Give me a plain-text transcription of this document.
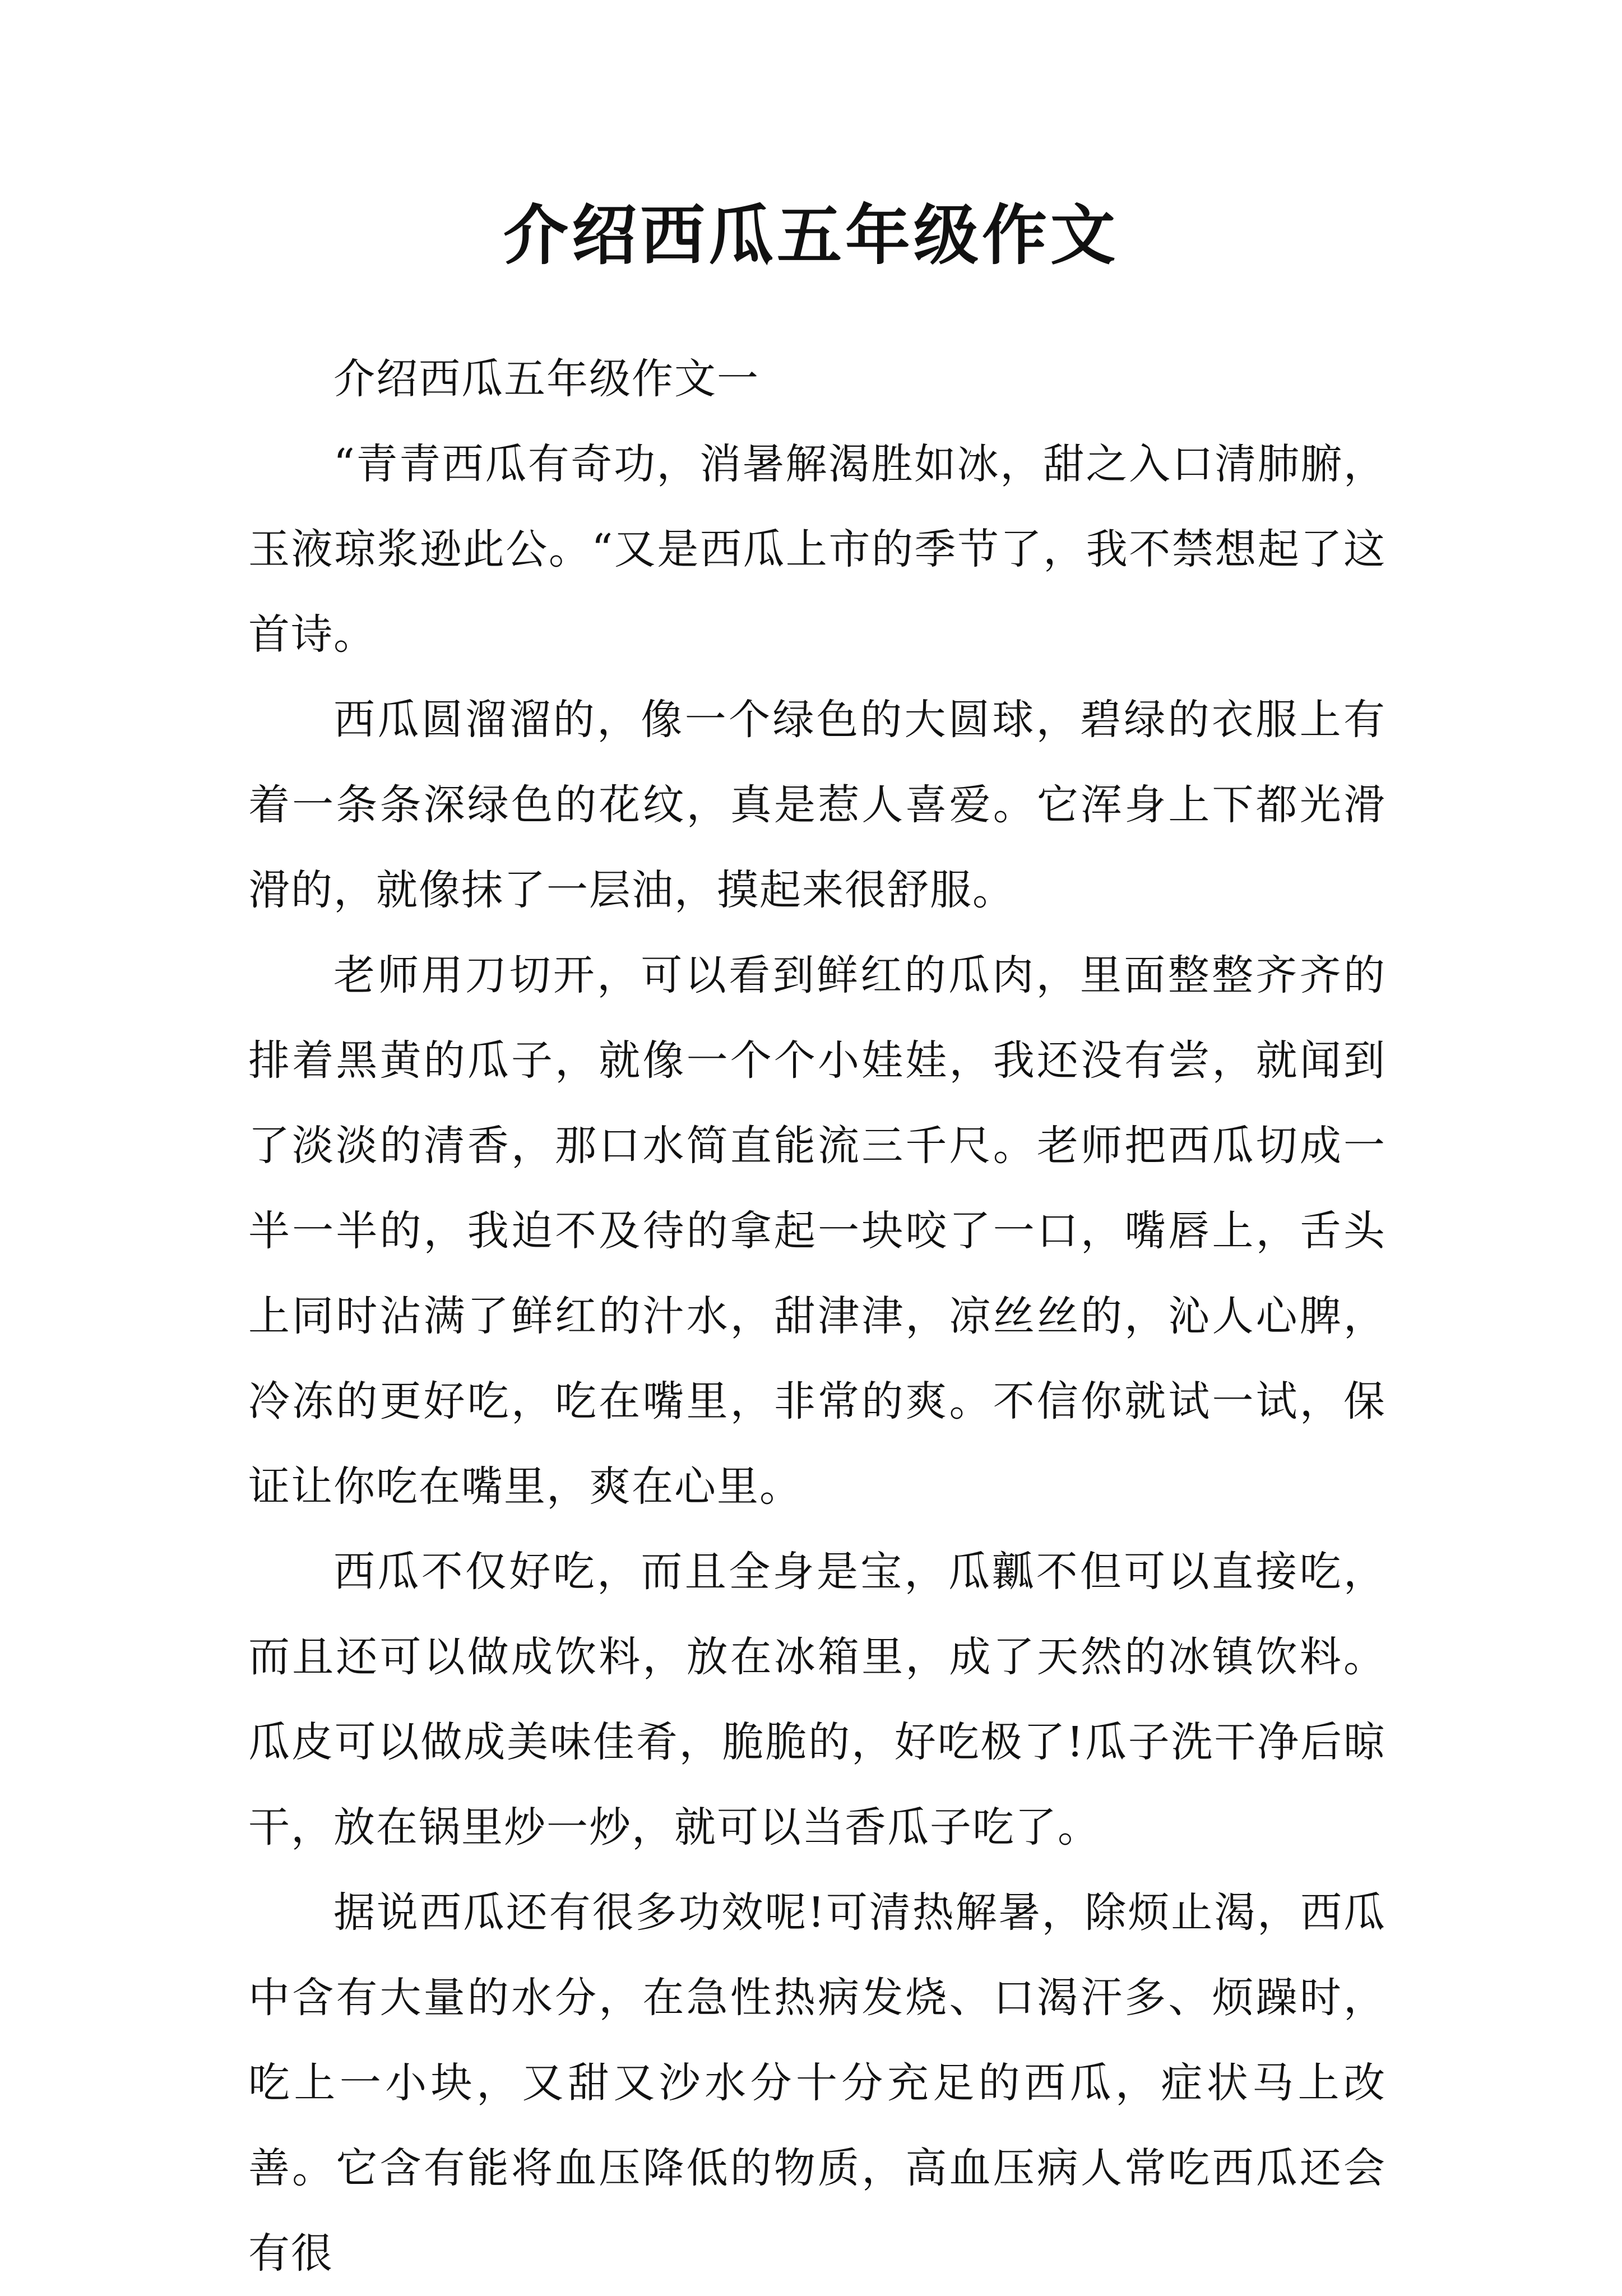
介绍西瓜五年级作文

介绍西瓜五年级作文一

“青青西瓜有奇功，消暑解渴胜如冰，甜之入口清肺腑，玉液琼浆逊此公。“又是西瓜上市的季节了，我不禁想起了这首诗。

西瓜圆溜溜的，像一个绿色的大圆球，碧绿的衣服上有着一条条深绿色的花纹，真是惹人喜爱。它浑身上下都光滑滑的，就像抹了一层油，摸起来很舒服。

老师用刀切开，可以看到鲜红的瓜肉，里面整整齐齐的排着黑黄的瓜子，就像一个个小娃娃，我还没有尝，就闻到了淡淡的清香，那口水简直能流三千尺。老师把西瓜切成一半一半的，我迫不及待的拿起一块咬了一口，嘴唇上，舌头上同时沾满了鲜红的汁水，甜津津，凉丝丝的，沁人心脾，冷冻的更好吃，吃在嘴里，非常的爽。不信你就试一试，保证让你吃在嘴里，爽在心里。

西瓜不仅好吃，而且全身是宝，瓜瓤不但可以直接吃，而且还可以做成饮料，放在冰箱里，成了天然的冰镇饮料。瓜皮可以做成美味佳肴，脆脆的，好吃极了!瓜子洗干净后晾干，放在锅里炒一炒，就可以当香瓜子吃了。

据说西瓜还有很多功效呢!可清热解暑，除烦止渴，西瓜中含有大量的水分，在急性热病发烧、口渴汗多、烦躁时，吃上一小块，又甜又沙水分十分充足的西瓜，症状马上改善。它含有能将血压降低的物质，高血压病人常吃西瓜还会有很
